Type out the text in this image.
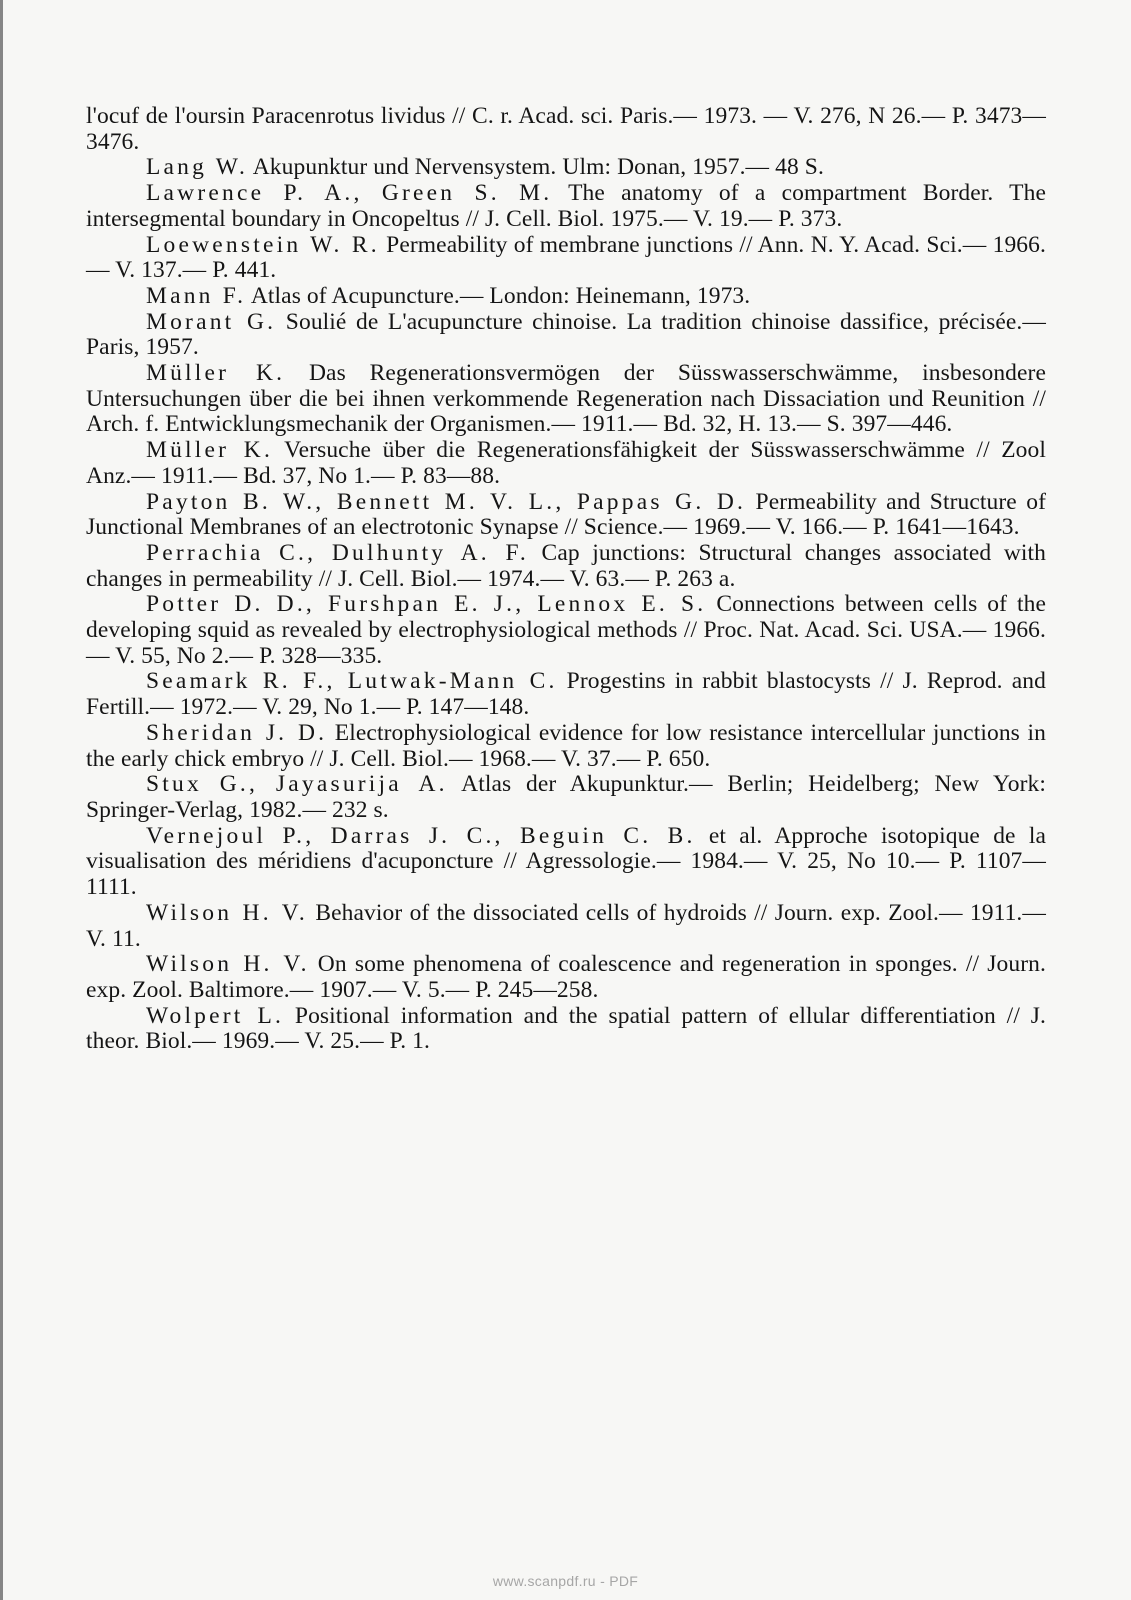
l'ocuf de l'oursin Paracenrotus lividus // C. r. Acad. sci. Paris.— 1973. — V. 276, N 26.— P. 3473—3476.

Lang W. Akupunktur und Nervensystem. Ulm: Donan, 1957.— 48 S.

Lawrence P. A., Green S. M. The anatomy of a compartment Border. The intersegmental boundary in Oncopeltus // J. Cell. Biol. 1975.— V. 19.— P. 373.

Loewenstein W. R. Permeability of membrane junctions // Ann. N. Y. Acad. Sci.— 1966.— V. 137.— P. 441.

Mann F. Atlas of Acupuncture.— London: Heinemann, 1973.

Morant G. Soulié de L'acupuncture chinoise. La tradition chinoise dassifice, précisée.— Paris, 1957.

Müller K. Das Regenerationsvermögen der Süsswasserschwämme, insbesondere Untersuchungen über die bei ihnen verkommende Regeneration nach Dissaciation und Reunition // Arch. f. Entwicklungsmechanik der Organismen.— 1911.— Bd. 32, H. 13.— S. 397—446.

Müller K. Versuche über die Regenerationsfähigkeit der Süsswasserschwämme // Zool Anz.— 1911.— Bd. 37, No 1.— P. 83—88.

Payton B. W., Bennett M. V. L., Pappas G. D. Permeability and Structure of Junctional Membranes of an electrotonic Synapse // Science.— 1969.— V. 166.— P. 1641—1643.

Perrachia C., Dulhunty A. F. Cap junctions: Structural changes associated with changes in permeability // J. Cell. Biol.— 1974.— V. 63.— P. 263 a.

Potter D. D., Furshpan E. J., Lennox E. S. Connections between cells of the developing squid as revealed by electrophysiological methods // Proc. Nat. Acad. Sci. USA.— 1966.— V. 55, No 2.— P. 328—335.

Seamark R. F., Lutwak-Mann C. Progestins in rabbit blastocysts // J. Reprod. and Fertill.— 1972.— V. 29, No 1.— P. 147—148.

Sheridan J. D. Electrophysiological evidence for low resistance intercellular junctions in the early chick embryo // J. Cell. Biol.— 1968.— V. 37.— P. 650.

Stux G., Jayasurija A. Atlas der Akupunktur.— Berlin; Heidelberg; New York: Springer-Verlag, 1982.— 232 s.

Vernejoul P., Darras J. C., Beguin C. B. et al. Approche isotopique de la visualisation des méridiens d'acuponcture // Agressologie.— 1984.— V. 25, No 10.— P. 1107—1111.

Wilson H. V. Behavior of the dissociated cells of hydroids // Journ. exp. Zool.— 1911.— V. 11.

Wilson H. V. On some phenomena of coalescence and regeneration in sponges. // Journ. exp. Zool. Baltimore.— 1907.— V. 5.— P. 245—258.

Wolpert L. Positional information and the spatial pattern of ellular differentiation // J. theor. Biol.— 1969.— V. 25.— P. 1.

www.scanpdf.ru - PDF
